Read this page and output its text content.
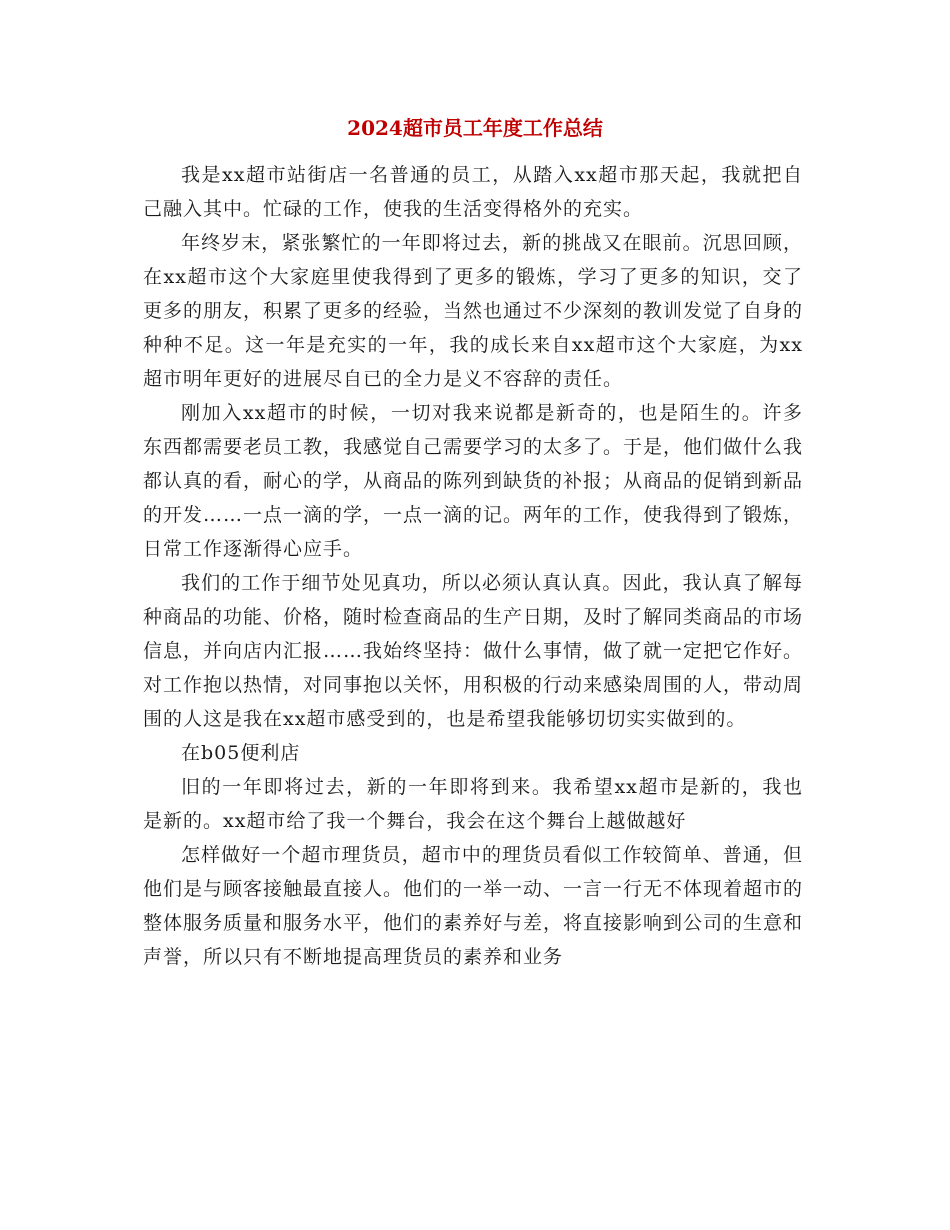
2024超市员工年度工作总结

我是xx超市站街店一名普通的员工，从踏入xx超市那天起，我就把自己融入其中。忙碌的工作，使我的生活变得格外的充实。

年终岁末，紧张繁忙的一年即将过去，新的挑战又在眼前。沉思回顾，在xx超市这个大家庭里使我得到了更多的锻炼，学习了更多的知识，交了更多的朋友，积累了更多的经验，当然也通过不少深刻的教训发觉了自身的种种不足。这一年是充实的一年，我的成长来自xx超市这个大家庭，为xx超市明年更好的进展尽自已的全力是义不容辞的责任。

刚加入xx超市的时候，一切对我来说都是新奇的，也是陌生的。许多东西都需要老员工教，我感觉自己需要学习的太多了。于是，他们做什么我都认真的看，耐心的学，从商品的陈列到缺货的补报；从商品的促销到新品的开发……一点一滴的学，一点一滴的记。两年的工作，使我得到了锻炼，日常工作逐渐得心应手。

我们的工作于细节处见真功，所以必须认真认真。因此，我认真了解每种商品的功能、价格，随时检查商品的生产日期，及时了解同类商品的市场信息，并向店内汇报……我始终坚持：做什么事情，做了就一定把它作好。对工作抱以热情，对同事抱以关怀，用积极的行动来感染周围的人，带动周围的人这是我在xx超市感受到的，也是希望我能够切切实实做到的。

在b05便利店

旧的一年即将过去，新的一年即将到来。我希望xx超市是新的，我也是新的。xx超市给了我一个舞台，我会在这个舞台上越做越好

怎样做好一个超市理货员，超市中的理货员看似工作较简单、普通，但他们是与顾客接触最直接人。他们的一举一动、一言一行无不体现着超市的整体服务质量和服务水平，他们的素养好与差，将直接影响到公司的生意和声誉，所以只有不断地提高理货员的素养和业务
